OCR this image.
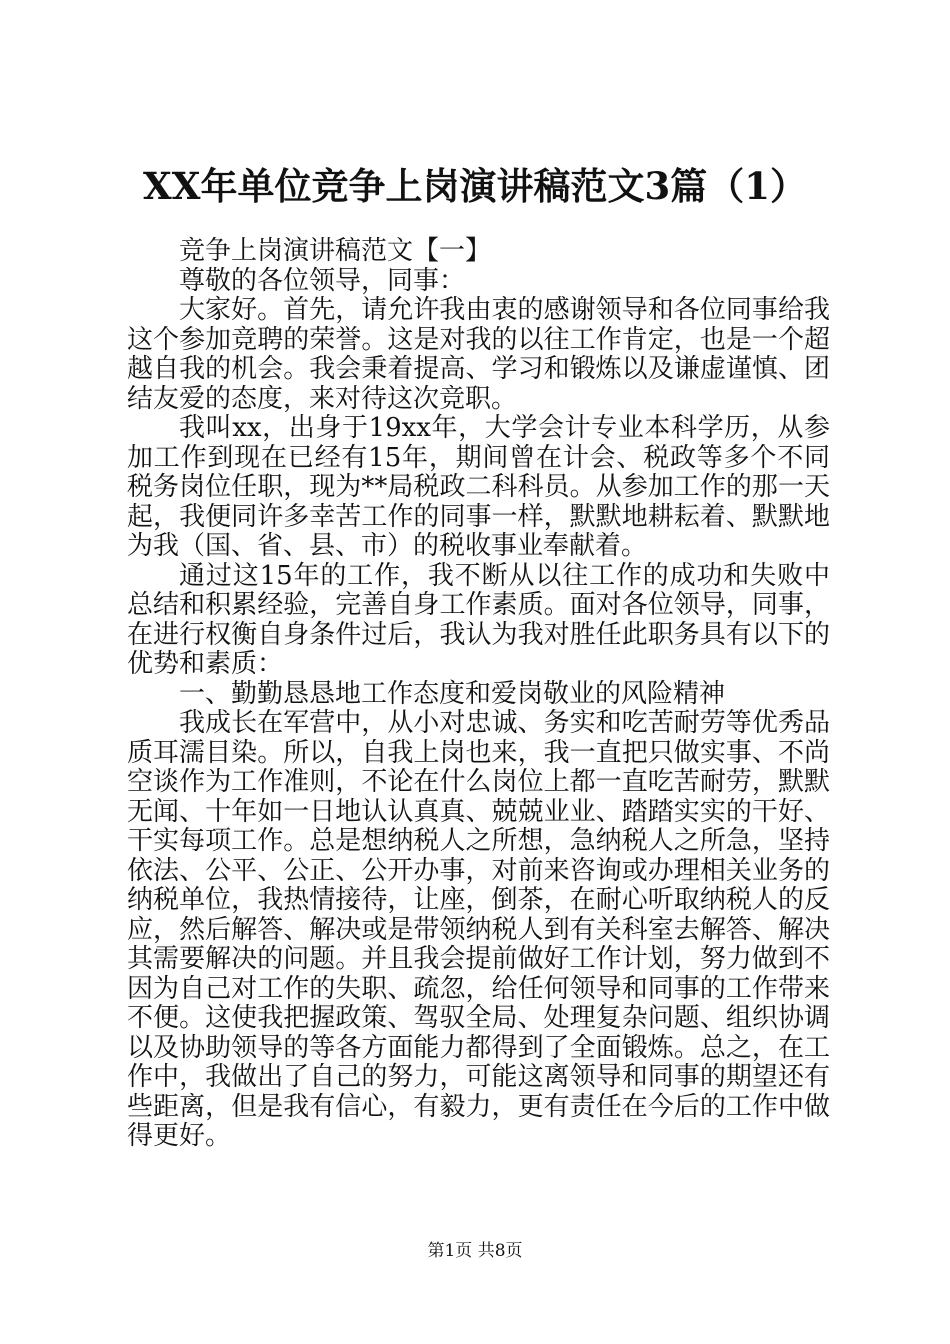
XX年单位竞争上岗演讲稿范文3篇（1）

竞争上岗演讲稿范文【一】

尊敬的各位领导，同事：

大家好。首先，请允许我由衷的感谢领导和各位同事给我这个参加竞聘的荣誉。这是对我的以往工作肯定，也是一个超越自我的机会。我会秉着提高、学习和锻炼以及谦虚谨慎、团结友爱的态度，来对待这次竞职。

我叫xx，出身于19xx年，大学会计专业本科学历，从参加工作到现在已经有15年，期间曾在计会、税政等多个不同税务岗位任职，现为**局税政二科科员。从参加工作的那一天起，我便同许多幸苦工作的同事一样，默默地耕耘着、默默地为我（国、省、县、市）的税收事业奉献着。

通过这15年的工作，我不断从以往工作的成功和失败中总结和积累经验，完善自身工作素质。面对各位领导，同事，在进行权衡自身条件过后，我认为我对胜任此职务具有以下的优势和素质：

一、勤勤恳恳地工作态度和爱岗敬业的风险精神

我成长在军营中，从小对忠诚、务实和吃苦耐劳等优秀品质耳濡目染。所以，自我上岗也来，我一直把只做实事、不尚空谈作为工作准则，不论在什么岗位上都一直吃苦耐劳，默默无闻、十年如一日地认认真真、兢兢业业、踏踏实实的干好、干实每项工作。总是想纳税人之所想，急纳税人之所急，坚持依法、公平、公正、公开办事，对前来咨询或办理相关业务的纳税单位，我热情接待，让座，倒茶，在耐心听取纳税人的反应，然后解答、解决或是带领纳税人到有关科室去解答、解决其需要解决的问题。并且我会提前做好工作计划，努力做到不因为自己对工作的失职、疏忽，给任何领导和同事的工作带来不便。这使我把握政策、驾驭全局、处理复杂问题、组织协调以及协助领导的等各方面能力都得到了全面锻炼。总之，在工作中，我做出了自己的努力，可能这离领导和同事的期望还有些距离，但是我有信心，有毅力，更有责任在今后的工作中做得更好。

第1页 共8页
